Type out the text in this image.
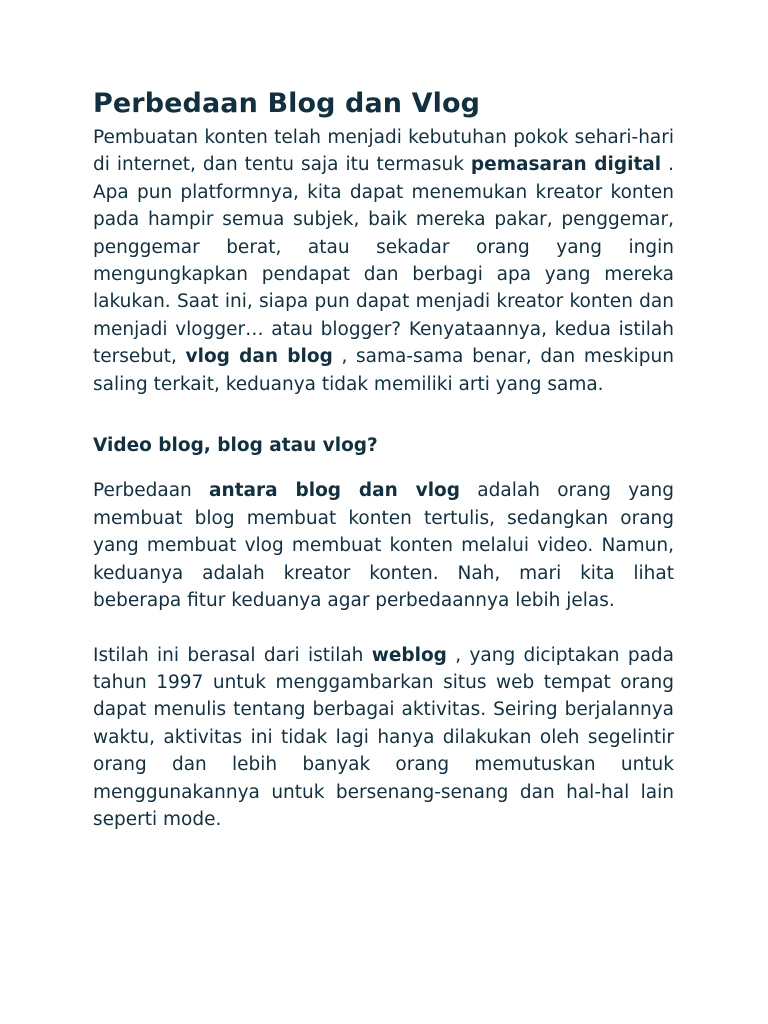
Perbedaan Blog dan Vlog

Pembuatan konten telah menjadi kebutuhan pokok sehari-hari di internet, dan tentu saja itu termasuk pemasaran digital . Apa pun platformnya, kita dapat menemukan kreator konten pada hampir semua subjek, baik mereka pakar, penggemar, penggemar berat, atau sekadar orang yang ingin mengungkapkan pendapat dan berbagi apa yang mereka lakukan. Saat ini, siapa pun dapat menjadi kreator konten dan menjadi vlogger… atau blogger? Kenyataannya, kedua istilah tersebut, vlog dan blog , sama-sama benar, dan meskipun saling terkait, keduanya tidak memiliki arti yang sama.

Video blog, blog atau vlog?

Perbedaan antara blog dan vlog adalah orang yang membuat blog membuat konten tertulis, sedangkan orang yang membuat vlog membuat konten melalui video. Namun, keduanya adalah kreator konten. Nah, mari kita lihat beberapa fitur keduanya agar perbedaannya lebih jelas.

Istilah ini berasal dari istilah weblog , yang diciptakan pada tahun 1997 untuk menggambarkan situs web tempat orang dapat menulis tentang berbagai aktivitas. Seiring berjalannya waktu, aktivitas ini tidak lagi hanya dilakukan oleh segelintir orang dan lebih banyak orang memutuskan untuk menggunakannya untuk bersenang-senang dan hal-hal lain seperti mode.
